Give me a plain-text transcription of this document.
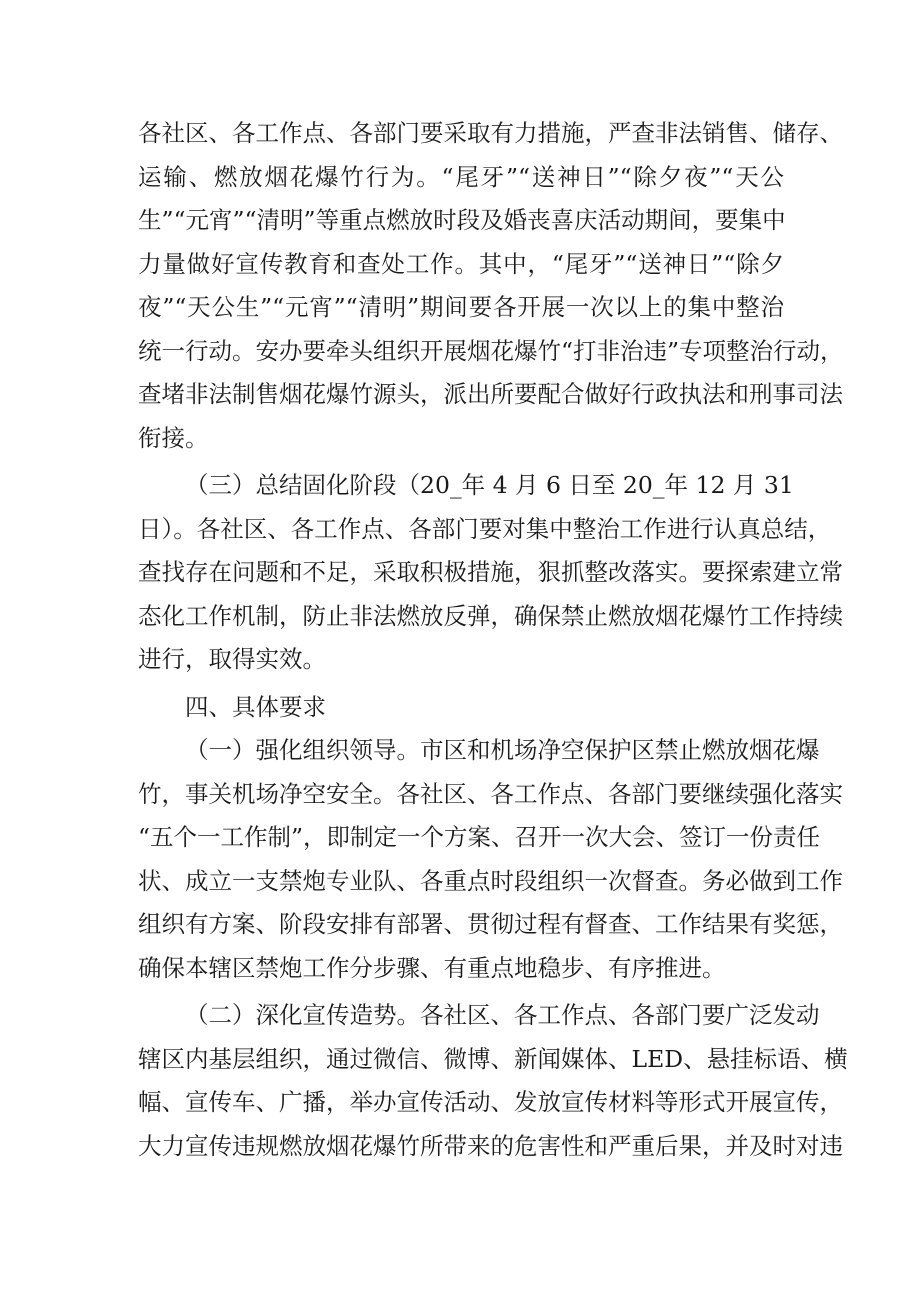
各社区、各工作点、各部门要采取有力措施，严查非法销售、储存、
运输、燃放烟花爆竹行为。“尾牙”“送神日”“除夕夜”“天公
生”“元宵”“清明”等重点燃放时段及婚丧喜庆活动期间，要集中
力量做好宣传教育和查处工作。其中，“尾牙”“送神日”“除夕
夜”“天公生”“元宵”“清明”期间要各开展一次以上的集中整治
统一行动。安办要牵头组织开展烟花爆竹“打非治违”专项整治行动，
查堵非法制售烟花爆竹源头，派出所要配合做好行政执法和刑事司法
衔接。
（三）总结固化阶段（20_年 4 月 6 日至 20_年 12 月 31
日）。各社区、各工作点、各部门要对集中整治工作进行认真总结，
查找存在问题和不足，采取积极措施，狠抓整改落实。要探索建立常
态化工作机制，防止非法燃放反弹，确保禁止燃放烟花爆竹工作持续
进行，取得实效。
四、具体要求
（一）强化组织领导。市区和机场净空保护区禁止燃放烟花爆
竹，事关机场净空安全。各社区、各工作点、各部门要继续强化落实
“五个一工作制”，即制定一个方案、召开一次大会、签订一份责任
状、成立一支禁炮专业队、各重点时段组织一次督查。务必做到工作
组织有方案、阶段安排有部署、贯彻过程有督查、工作结果有奖惩，
确保本辖区禁炮工作分步骤、有重点地稳步、有序推进。
（二）深化宣传造势。各社区、各工作点、各部门要广泛发动
辖区内基层组织，通过微信、微博、新闻媒体、LED、悬挂标语、横
幅、宣传车、广播，举办宣传活动、发放宣传材料等形式开展宣传，
大力宣传违规燃放烟花爆竹所带来的危害性和严重后果，并及时对违
